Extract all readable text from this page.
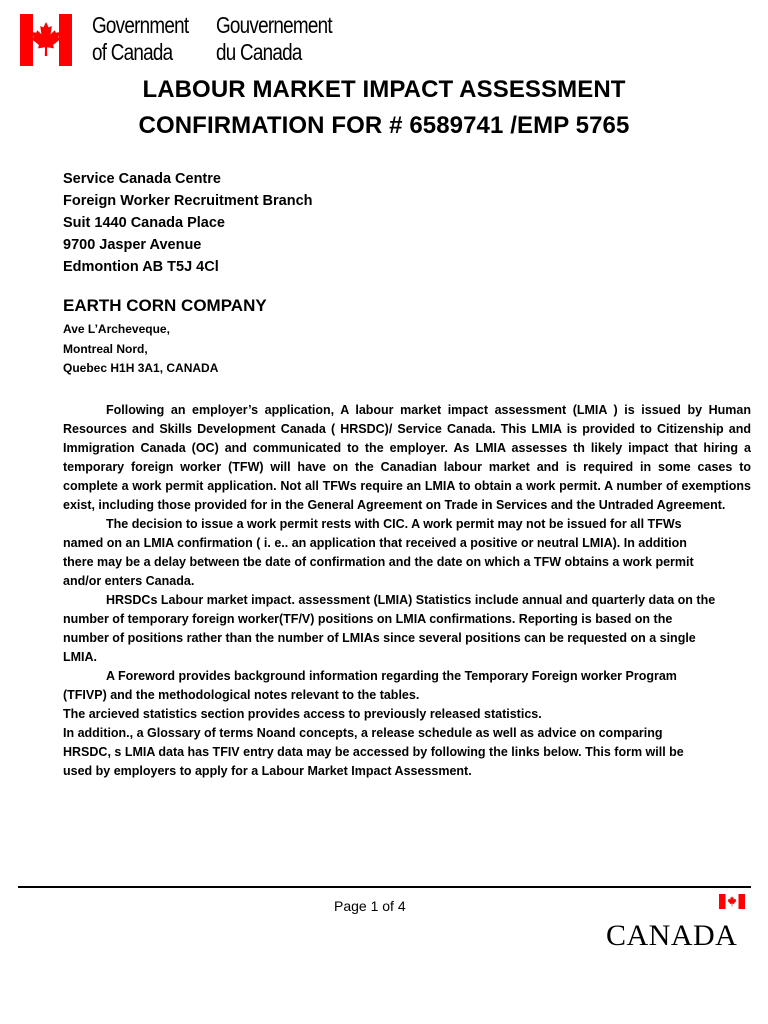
Government
of Canada
Gouvernement
du Canada
LABOUR MARKET IMPACT ASSESSMENT
CONFIRMATION FOR # 6589741 /EMP 5765
Service Canada Centre
Foreign Worker Recruitment Branch
Suit 1440 Canada Place
9700 Jasper Avenue
Edmontion AB T5J 4Cl
EARTH CORN COMPANY
Ave L’Archeveque,
Montreal Nord,
Quebec H1H 3A1, CANADA

Following an employer’s application, A labour market impact assessment (LMIA ) is issued by Human Resources and Skills Development Canada ( HRSDC)/ Service Canada. This LMIA is provided to Citizenship and Immigration Canada (OC) and communicated to the employer. As LMIA assesses th likely impact that hiring a temporary foreign worker (TFW) will have on the Canadian labour market and is required in some cases to complete a work permit application. Not all TFWs require an LMIA to obtain a work permit. A number of exemptions exist, including those provided for in the General Agreement on Trade in Services and the Untraded Agreement.

The decision to issue a work permit rests with CIC. A work permit may not be issued for all TFWs

named on an LMIA confirmation ( i. e.. an application that received a positive or neutral LMIA). In addition

there may be a delay between tbe date of confirmation and the date on which a TFW obtains a work permit

and/or enters Canada.

HRSDCs Labour market impact. assessment (LMIA) Statistics include annual and quarterly data on the

number of temporary foreign worker(TF/V) positions on LMIA confirmations. Reporting is based on the

number of positions rather than the number of LMIAs since several positions can be requested on a single

LMIA.

A Foreword provides background information regarding the Temporary Foreign worker Program

(TFIVP) and the methodological notes relevant to the tables.

The arcieved statistics section provides access to previously released statistics.

In addition., a Glossary of terms Noand concepts, a release schedule as well as advice on comparing

HRSDC, s LMIA data has TFIV entry data may be accessed by following the links below. This form will be

used by employers to apply for a Labour Market Impact Assessment.

Page 1 of 4
CANADA
